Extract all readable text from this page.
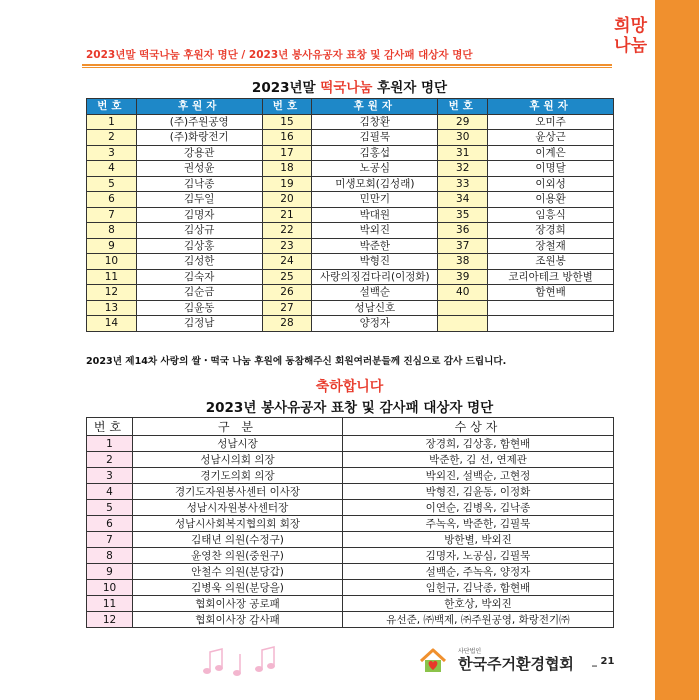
희망
나눔
2023년말 떡국나눔 후원자 명단 / 2023년 봉사유공자 표창 및 감사패 대상자 명단
2023년말 떡국나눔 후원자 명단
번호	후원자	번호	후원자	번호	후원자
1	(주)주원공영	15	김창환	29	오미주
2	(주)화랑전기	16	김필묵	30	윤상근
3	강용관	17	김홍섭	31	이계은
4	권성윤	18	노공심	32	이명달
5	김낙종	19	미생모회(김성래)	33	이외성
6	김두일	20	민만기	34	이용환
7	김명자	21	박대원	35	임흥식
8	김상규	22	박외진	36	장경희
9	김상홍	23	박준한	37	장철재
10	김성한	24	박형진	38	조원봉
11	김숙자	25	사랑의징검다리(이정화)	39	코리아테크 방한별
12	김순금	26	설백순	40	함현배
13	김윤동	27	성남신호		
14	김정남	28	양정자		
2023년 제14차 사랑의 쌀・떡국 나눔 후원에 동참해주신 회원여러분들께 진심으로 감사 드립니다.
축하합니다
2023년 봉사유공자 표창 및 감사패 대상자 명단
번호	구 분	수상자
1	성남시장	장경희, 김상홍, 함현배
2	성남시의회 의장	박준한, 김 선, 연제관
3	경기도의회 의장	박외진, 설백순, 고현정
4	경기도자원봉사센터 이사장	박형진, 김윤동, 이정화
5	성남시자원봉사센터장	이연순, 김병옥, 김낙종
6	성남시사회복지협의회 회장	주녹옥, 박준한, 김필묵
7	김태년 의원(수정구)	방한별, 박외진
8	윤영찬 의원(중원구)	김명자, 노공심, 김필묵
9	안철수 의원(분당갑)	설백순, 주녹옥, 양정자
10	김병욱 의원(분당을)	임헌규, 김낙종, 함현배
11	협회이사장 공로패	한호상, 박외진
12	협회이사장 감사패	유선준, ㈜백제, ㈜주원공영, 화랑전기㈜
사단법인
한국주거환경협회 _ 21
